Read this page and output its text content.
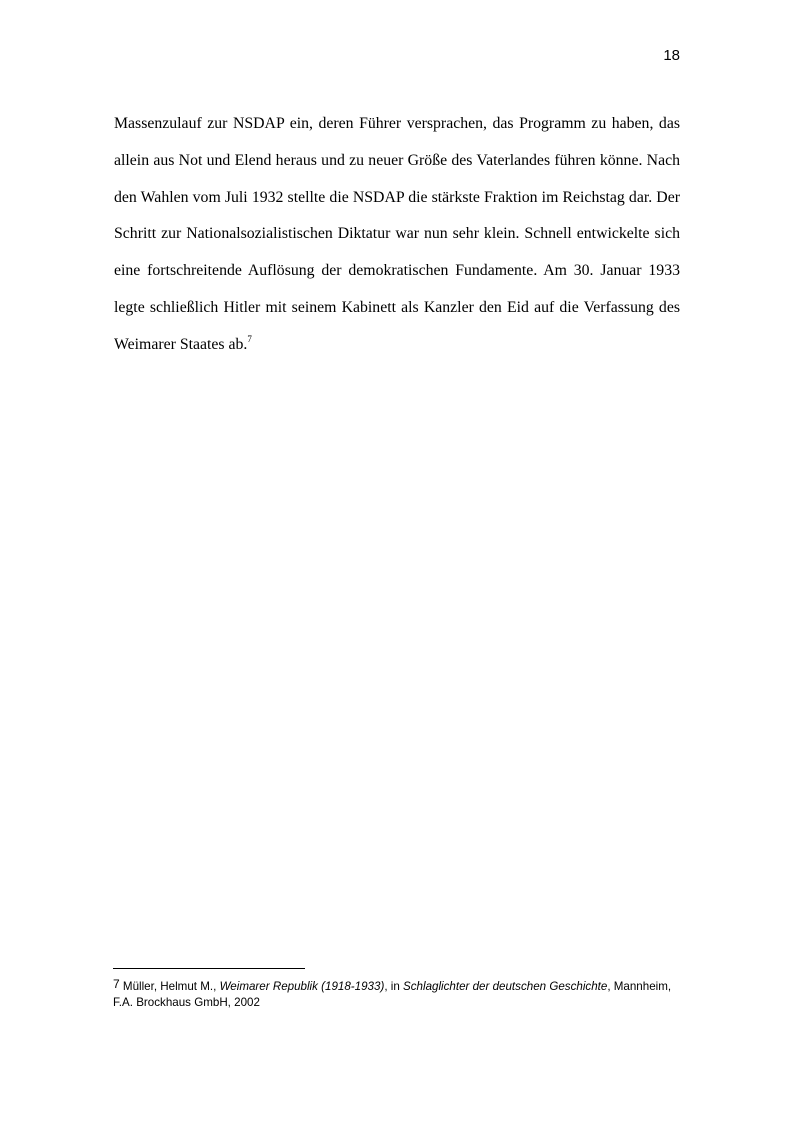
18

Massenzulauf zur NSDAP ein, deren Führer versprachen, das Programm zu haben, das allein aus Not und Elend heraus und zu neuer Größe des Vaterlandes führen könne. Nach den Wahlen vom Juli 1932 stellte die NSDAP die stärkste Fraktion im Reichstag dar. Der Schritt zur Nationalsozialistischen Diktatur war nun sehr klein. Schnell entwickelte sich eine fortschreitende Auflösung der demokratischen Fundamente. Am 30. Januar 1933 legte schließlich Hitler mit seinem Kabinett als Kanzler den Eid auf die Verfassung des Weimarer Staates ab.$^7$

7 Müller, Helmut M., Weimarer Republik (1918-1933), in Schlaglichter der deutschen Geschichte, Mannheim, F.A. Brockhaus GmbH, 2002
